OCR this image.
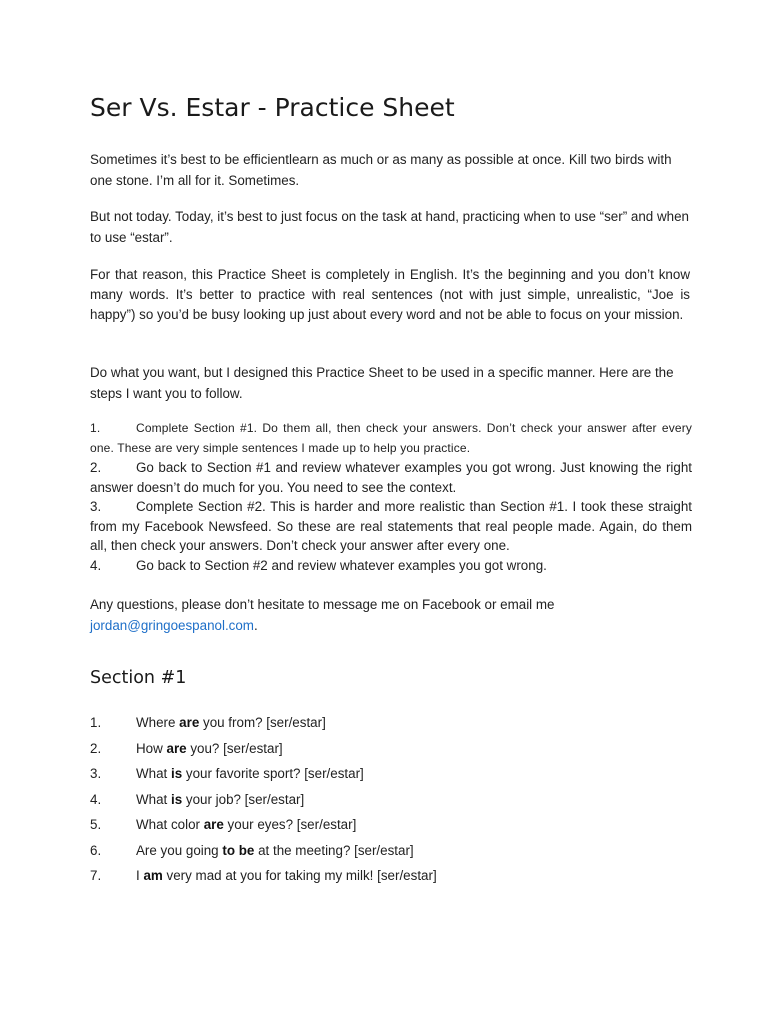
Ser Vs. Estar - Practice Sheet

Sometimes it’s best to be efficientlearn as much or as many as possible at once. Kill two birds with one stone. I’m all for it. Sometimes.

But not today. Today, it’s best to just focus on the task at hand, practicing when to use “ser” and when to use “estar”.

For that reason, this Practice Sheet is completely in English. It’s the beginning and you don’t know many words. It’s better to practice with real sentences (not with just simple, unrealistic, “Joe is happy”) so you’d be busy looking up just about every word and not be able to focus on your mission.

Do what you want, but I designed this Practice Sheet to be used in a specific manner. Here are the steps I want you to follow.

1.	Complete Section #1. Do them all, then check your answers. Don’t check your answer after every one. These are very simple sentences I made up to help you practice.
2.	Go back to Section #1 and review whatever examples you got wrong. Just knowing the right answer doesn’t do much for you. You need to see the context.
3.	Complete Section #2. This is harder and more realistic than Section #1. I took these straight from my Facebook Newsfeed. So these are real statements that real people made. Again, do them all, then check your answers. Don’t check your answer after every one.
4.	Go back to Section #2 and review whatever examples you got wrong.

Any questions, please don’t hesitate to message me on Facebook or email me jordan@gringoespanol.com.

Section #1
1.	Where are you from? [ser/estar]
2.	How are you? [ser/estar]
3.	What is your favorite sport? [ser/estar]
4.	What is your job? [ser/estar]
5.	What color are your eyes? [ser/estar]
6.	Are you going to be at the meeting? [ser/estar]
7.	I am very mad at you for taking my milk! [ser/estar]
